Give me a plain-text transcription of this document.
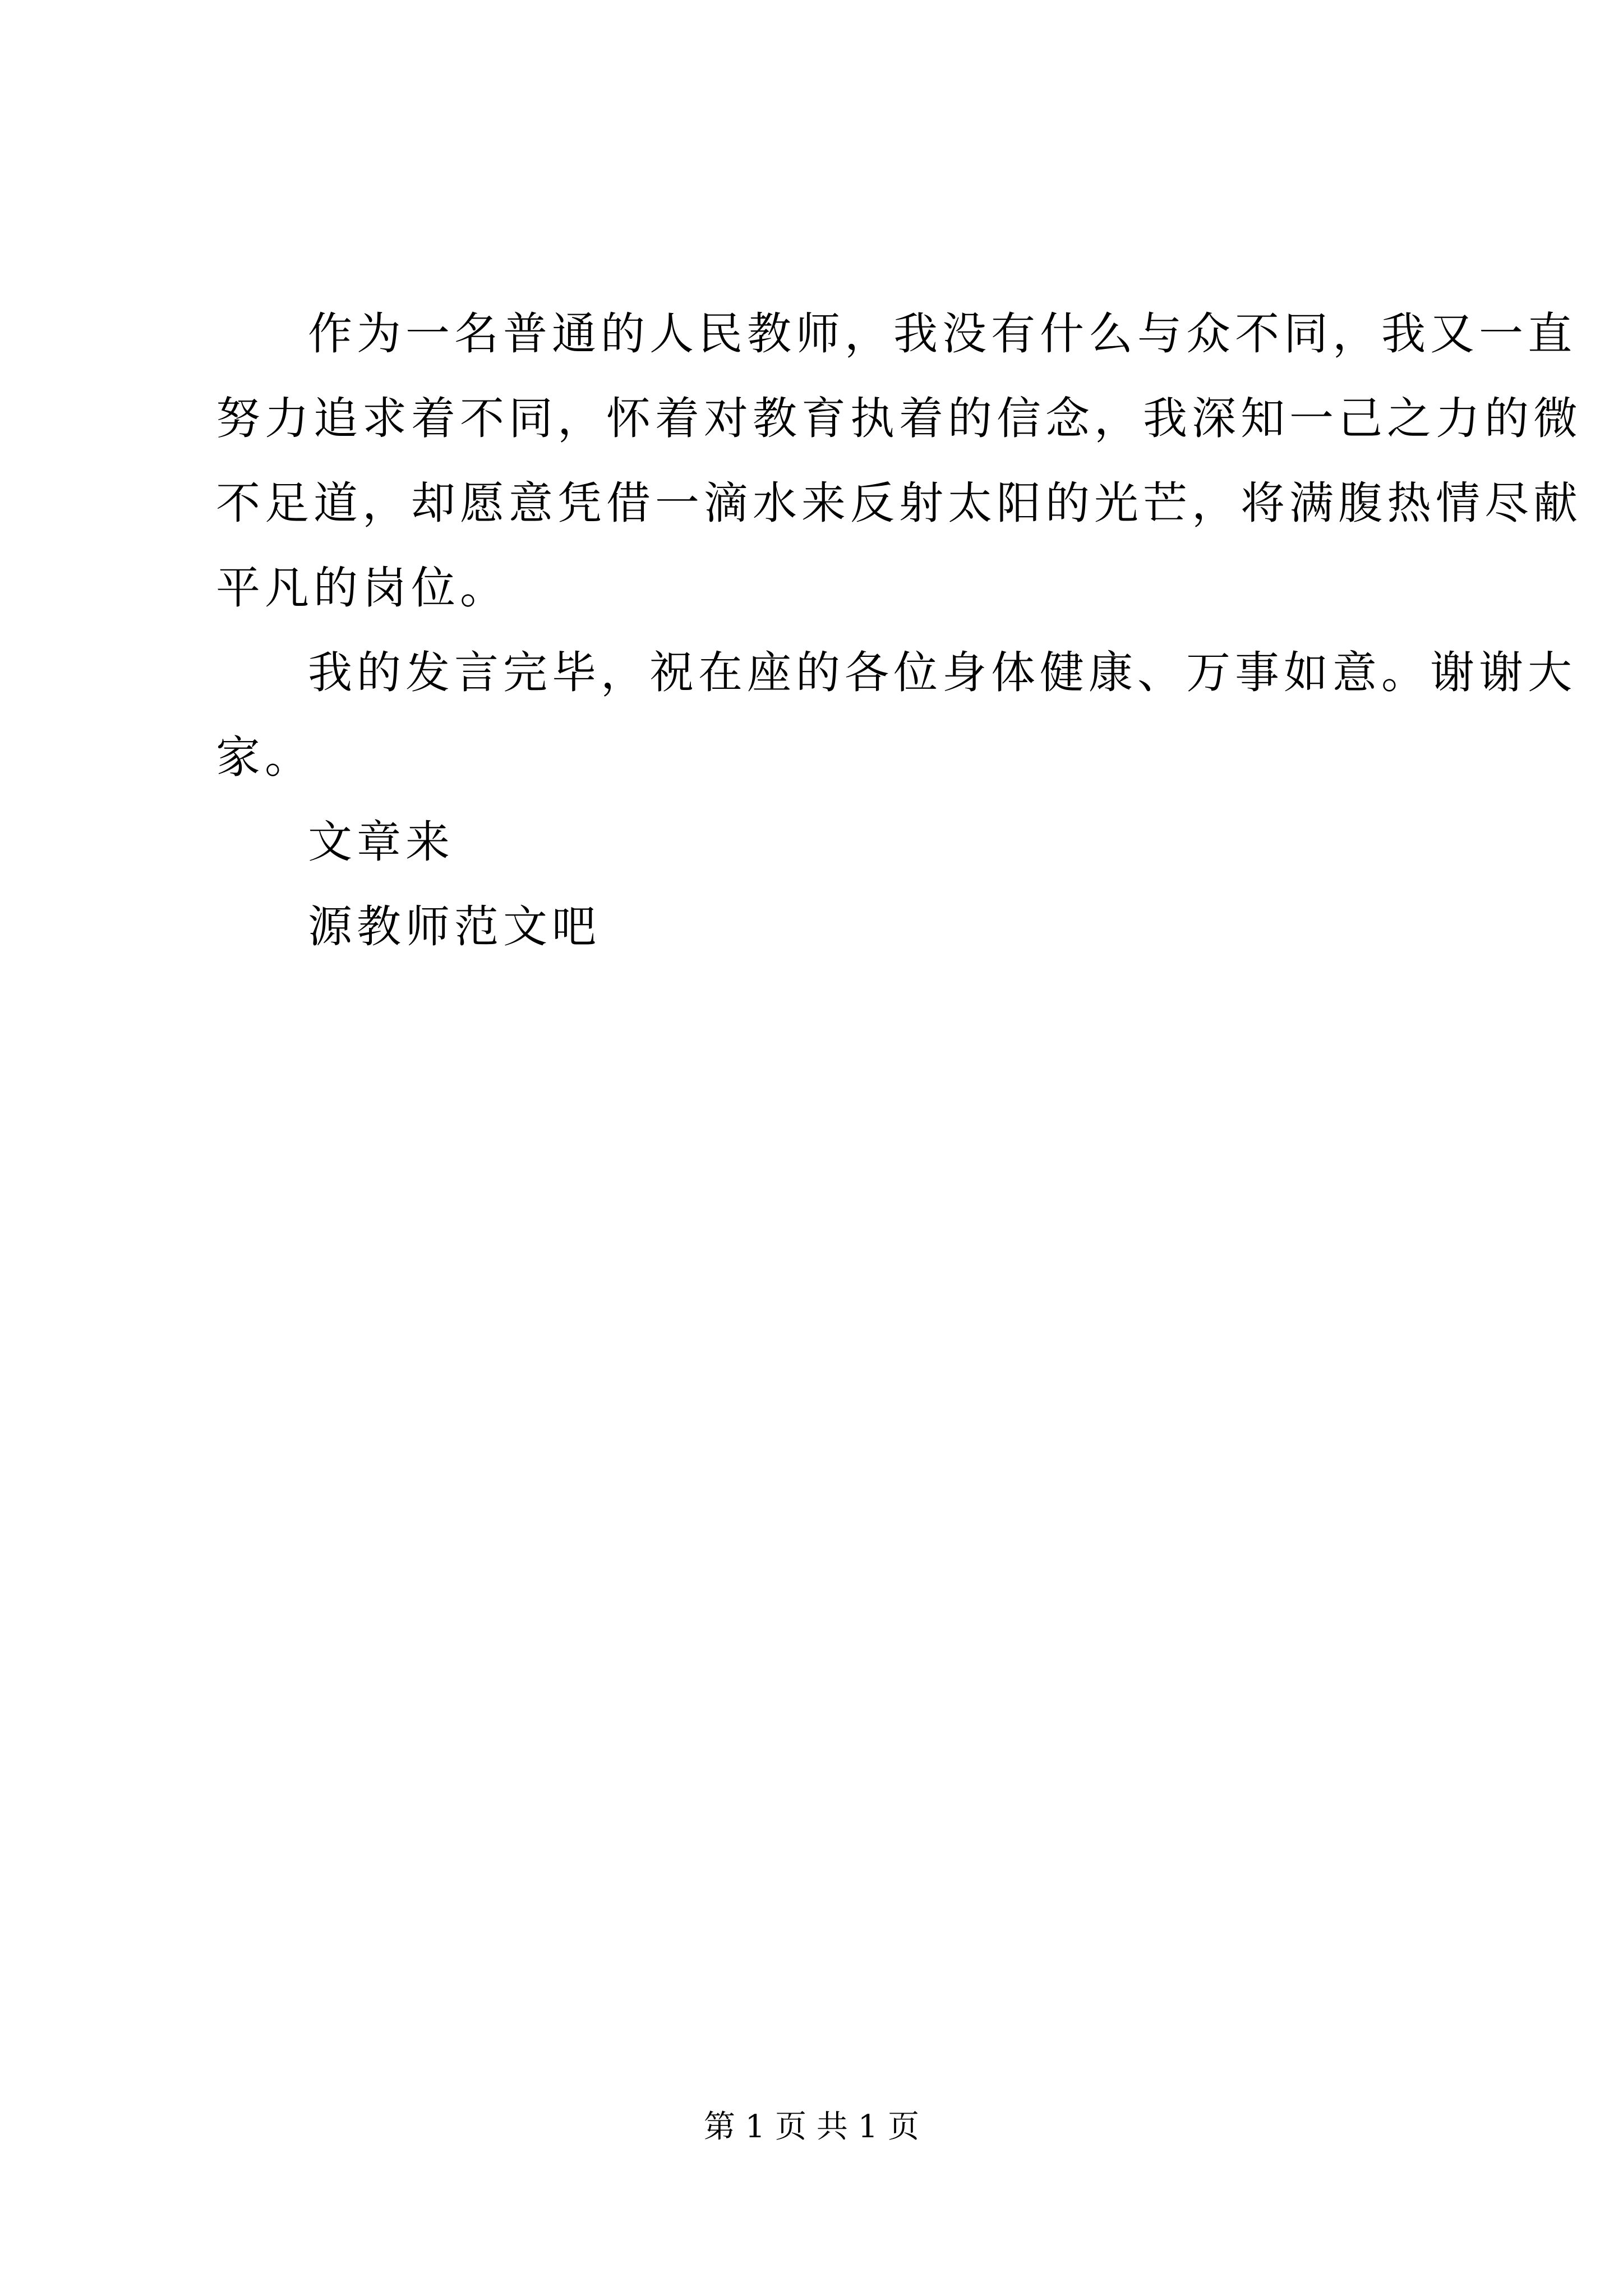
作为一名普通的人民教师，我没有什么与众不同，我又一直
努力追求着不同，怀着对教育执着的信念，我深知一己之力的微
不足道，却愿意凭借一滴水来反射太阳的光芒，将满腹热情尽献
平凡的岗位。
我的发言完毕，祝在座的各位身体健康、万事如意。谢谢大
家。
文章来
源教师范文吧
第 1 页 共 1 页
